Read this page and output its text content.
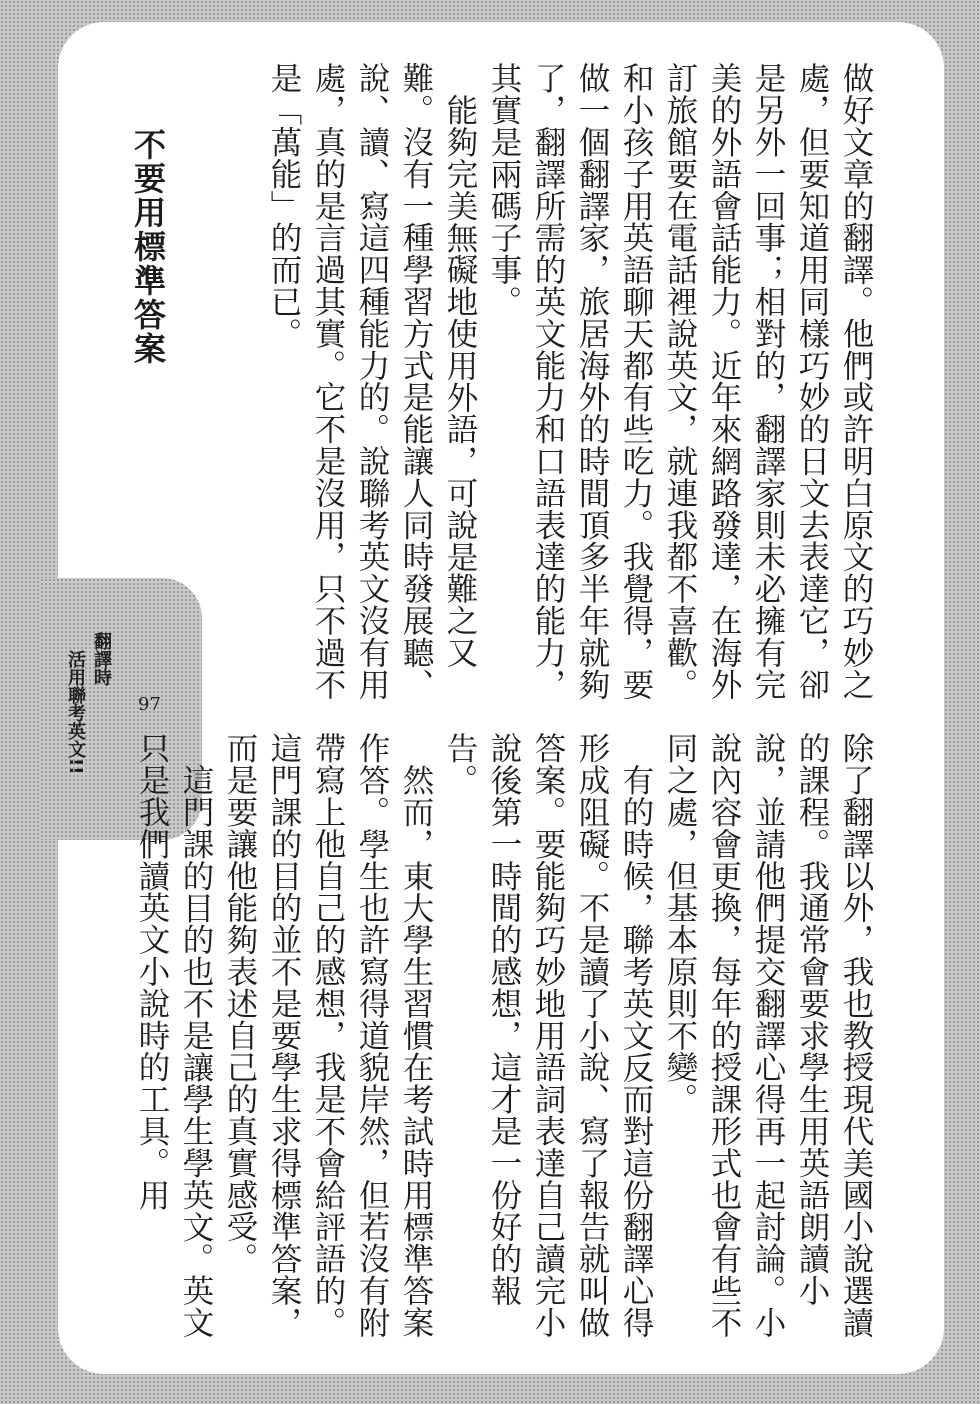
翻譯時
活用聯考英文!!	97

做好文章的翻譯。他們或許明白原文的巧妙之處，但要知道用同樣巧妙的日文去表達它，卻是另外一回事；相對的，翻譯家則未必擁有完美的外語會話能力。近年來網路發達，在海外訂旅館要在電話裡說英文，就連我都不喜歡。和小孩子用英語聊天都有些吃力。我覺得，要做一個翻譯家，旅居海外的時間頂多半年就夠了，翻譯所需的英文能力和口語表達的能力，其實是兩碼子事。

能夠完美無礙地使用外語，可說是難之又難。沒有一種學習方式是能讓人同時發展聽、說、讀、寫這四種能力的。說聯考英文沒有用處，真的是言過其實。它不是沒用，只不過不是「萬能」的而已。

不要用標準答案

除了翻譯以外，我也教授現代美國小說選讀的課程。我通常會要求學生用英語朗讀小說，並請他們提交翻譯心得再一起討論。小說內容會更換，每年的授課形式也會有些不同之處，但基本原則不變。

有的時候，聯考英文反而對這份翻譯心得形成阻礙。不是讀了小說、寫了報告就叫做答案。要能夠巧妙地用語詞表達自己讀完小說後第一時間的感想，這才是一份好的報告。

然而，東大學生習慣在考試時用標準答案作答。學生也許寫得道貌岸然，但若沒有附帶寫上他自己的感想，我是不會給評語的。這門課的目的並不是要學生求得標準答案，而是要讓他能夠表述自己的真實感受。

這門課的目的也不是讓學生學英文。英文只是我們讀英文小說時的工具。用
